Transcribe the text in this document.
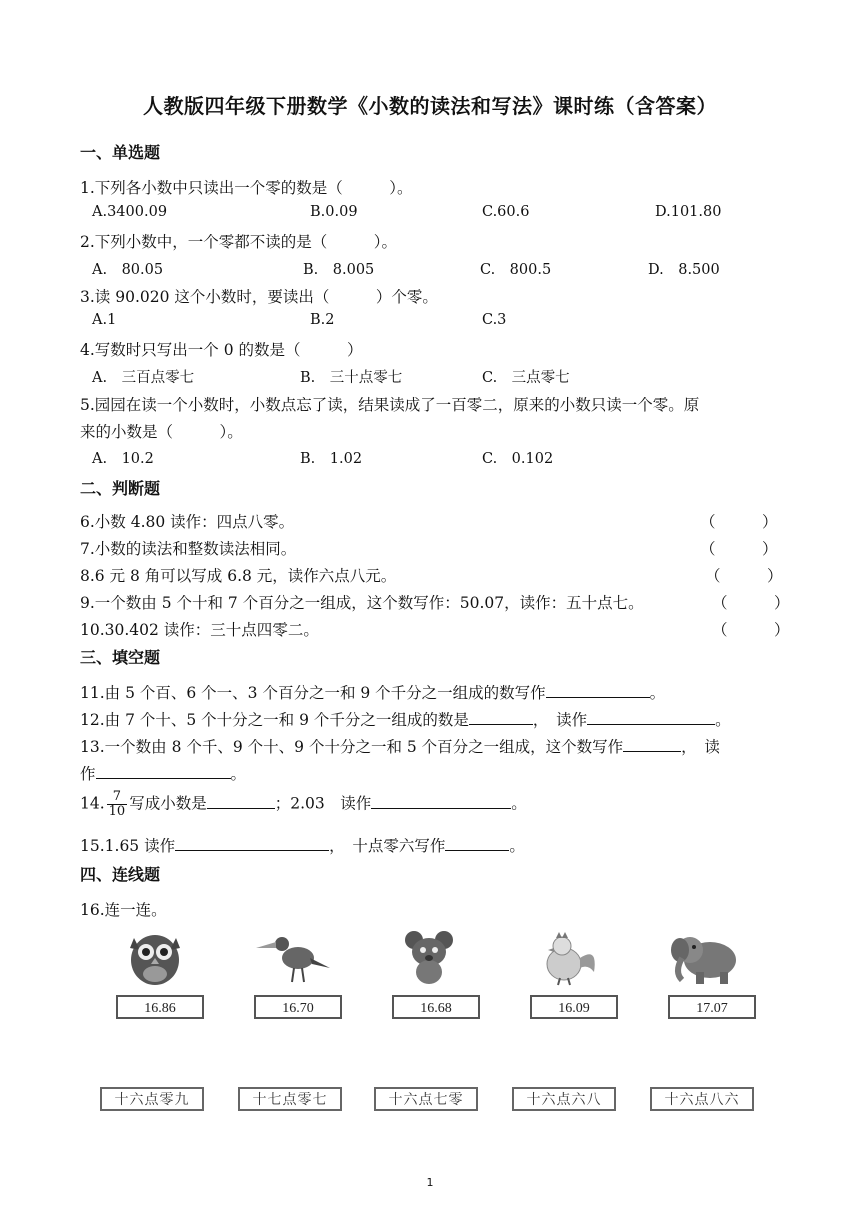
人教版四年级下册数学《小数的读法和写法》课时练（含答案）
一、单选题
1.下列各小数中只读出一个零的数是（　　　）。
A.3400.09	B.0.09	C.60.6	D.101.80
2.下列小数中，一个零都不读的是（　　　）。
A.　80.05	B.　8.005	C.　800.5	D.　8.500
3.读 90.020 这个小数时，要读出（　　　）个零。
A.1	B.2	C.3
4.写数时只写出一个 0 的数是（　　　）
A.　三百点零七	B.　三十点零七	C.　三点零七
5.园园在读一个小数时，小数点忘了读，结果读成了一百零二，原来的小数只读一个零。原
来的小数是（　　　）。
A.　10.2	B.　1.02	C.　0.102
二、判断题
6.小数 4.80 读作：四点八零。	（　　　）
7.小数的读法和整数读法相同。	（　　　）
8.6 元 8 角可以写成 6.8 元，读作六点八元。	（　　　）
9.一个数由 5 个十和 7 个百分之一组成，这个数写作：50.07，读作：五十点七。	（　　　）
10.30.402 读作：三十点四零二。	（　　　）
三、填空题
11.由 5 个百、6 个一、3 个百分之一和 9 个千分之一组成的数写作	。
12.由 7 个十、5 个十分之一和 9 个千分之一组成的数是	，　读作	。
13.一个数由 8 个千、9 个十、9 个十分之一和 5 个百分之一组成，这个数写作	，　读
作	。
14. $\frac{7}{10}$ 写成小数是	；2.03　读作	。
15.1.65 读作	，　十点零六写作	。
四、连线题
16.连一连。
16.86	16.70	16.68	16.09	17.07
十六点零九	十七点零七	十六点七零	十六点六八	十六点八六
1
